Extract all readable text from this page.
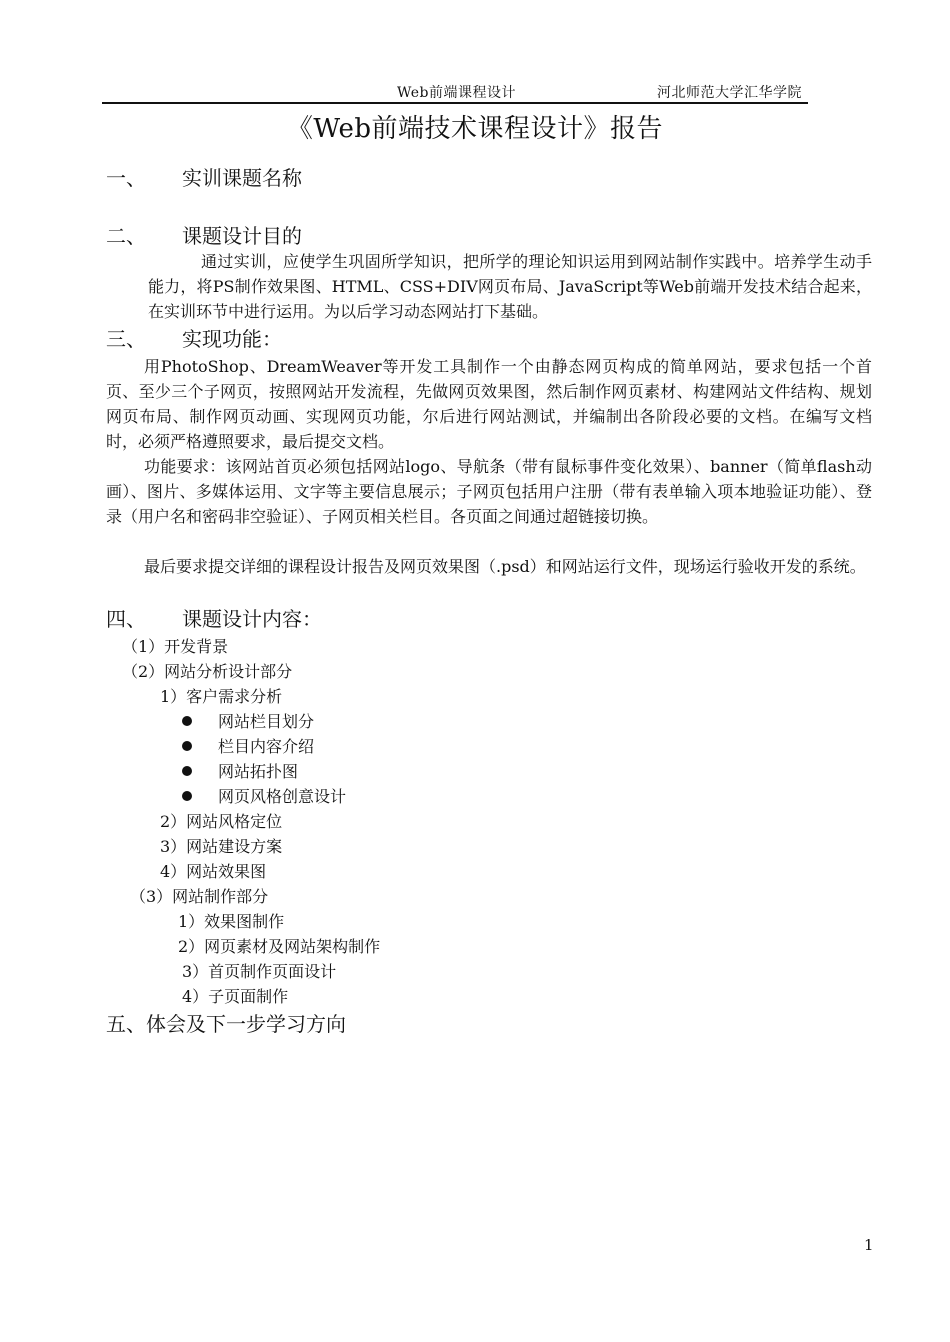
Web前端课程设计	河北师范大学汇华学院
《Web前端技术课程设计》报告
一、 实训课题名称
二、 课题设计目的
通过实训，应使学生巩固所学知识，把所学的理论知识运用到网站制作实践中。培养学生动手能力，将PS制作效果图、HTML、CSS+DIV网页布局、JavaScript等Web前端开发技术结合起来，在实训环节中进行运用。为以后学习动态网站打下基础。
三、 实现功能：
用PhotoShop、DreamWeaver等开发工具制作一个由静态网页构成的简单网站，要求包括一个首页、至少三个子网页，按照网站开发流程，先做网页效果图，然后制作网页素材、构建网站文件结构、规划网页布局、制作网页动画、实现网页功能，尔后进行网站测试，并编制出各阶段必要的文档。在编写文档时，必须严格遵照要求，最后提交文档。
功能要求：该网站首页必须包括网站logo、导航条（带有鼠标事件变化效果）、banner（简单flash动画）、图片、多媒体运用、文字等主要信息展示；子网页包括用户注册（带有表单输入项本地验证功能）、登录（用户名和密码非空验证）、子网页相关栏目。各页面之间通过超链接切换。
最后要求提交详细的课程设计报告及网页效果图（.psd）和网站运行文件，现场运行验收开发的系统。
四、 课题设计内容：
（1）开发背景
（2）网站分析设计部分
1）客户需求分析
网站栏目划分
栏目内容介绍
网站拓扑图
网页风格创意设计
2）网站风格定位
3）网站建设方案
4）网站效果图
（3）网站制作部分
1）效果图制作
2）网页素材及网站架构制作
3）首页制作页面设计
4）子页面制作
五、体会及下一步学习方向
1
